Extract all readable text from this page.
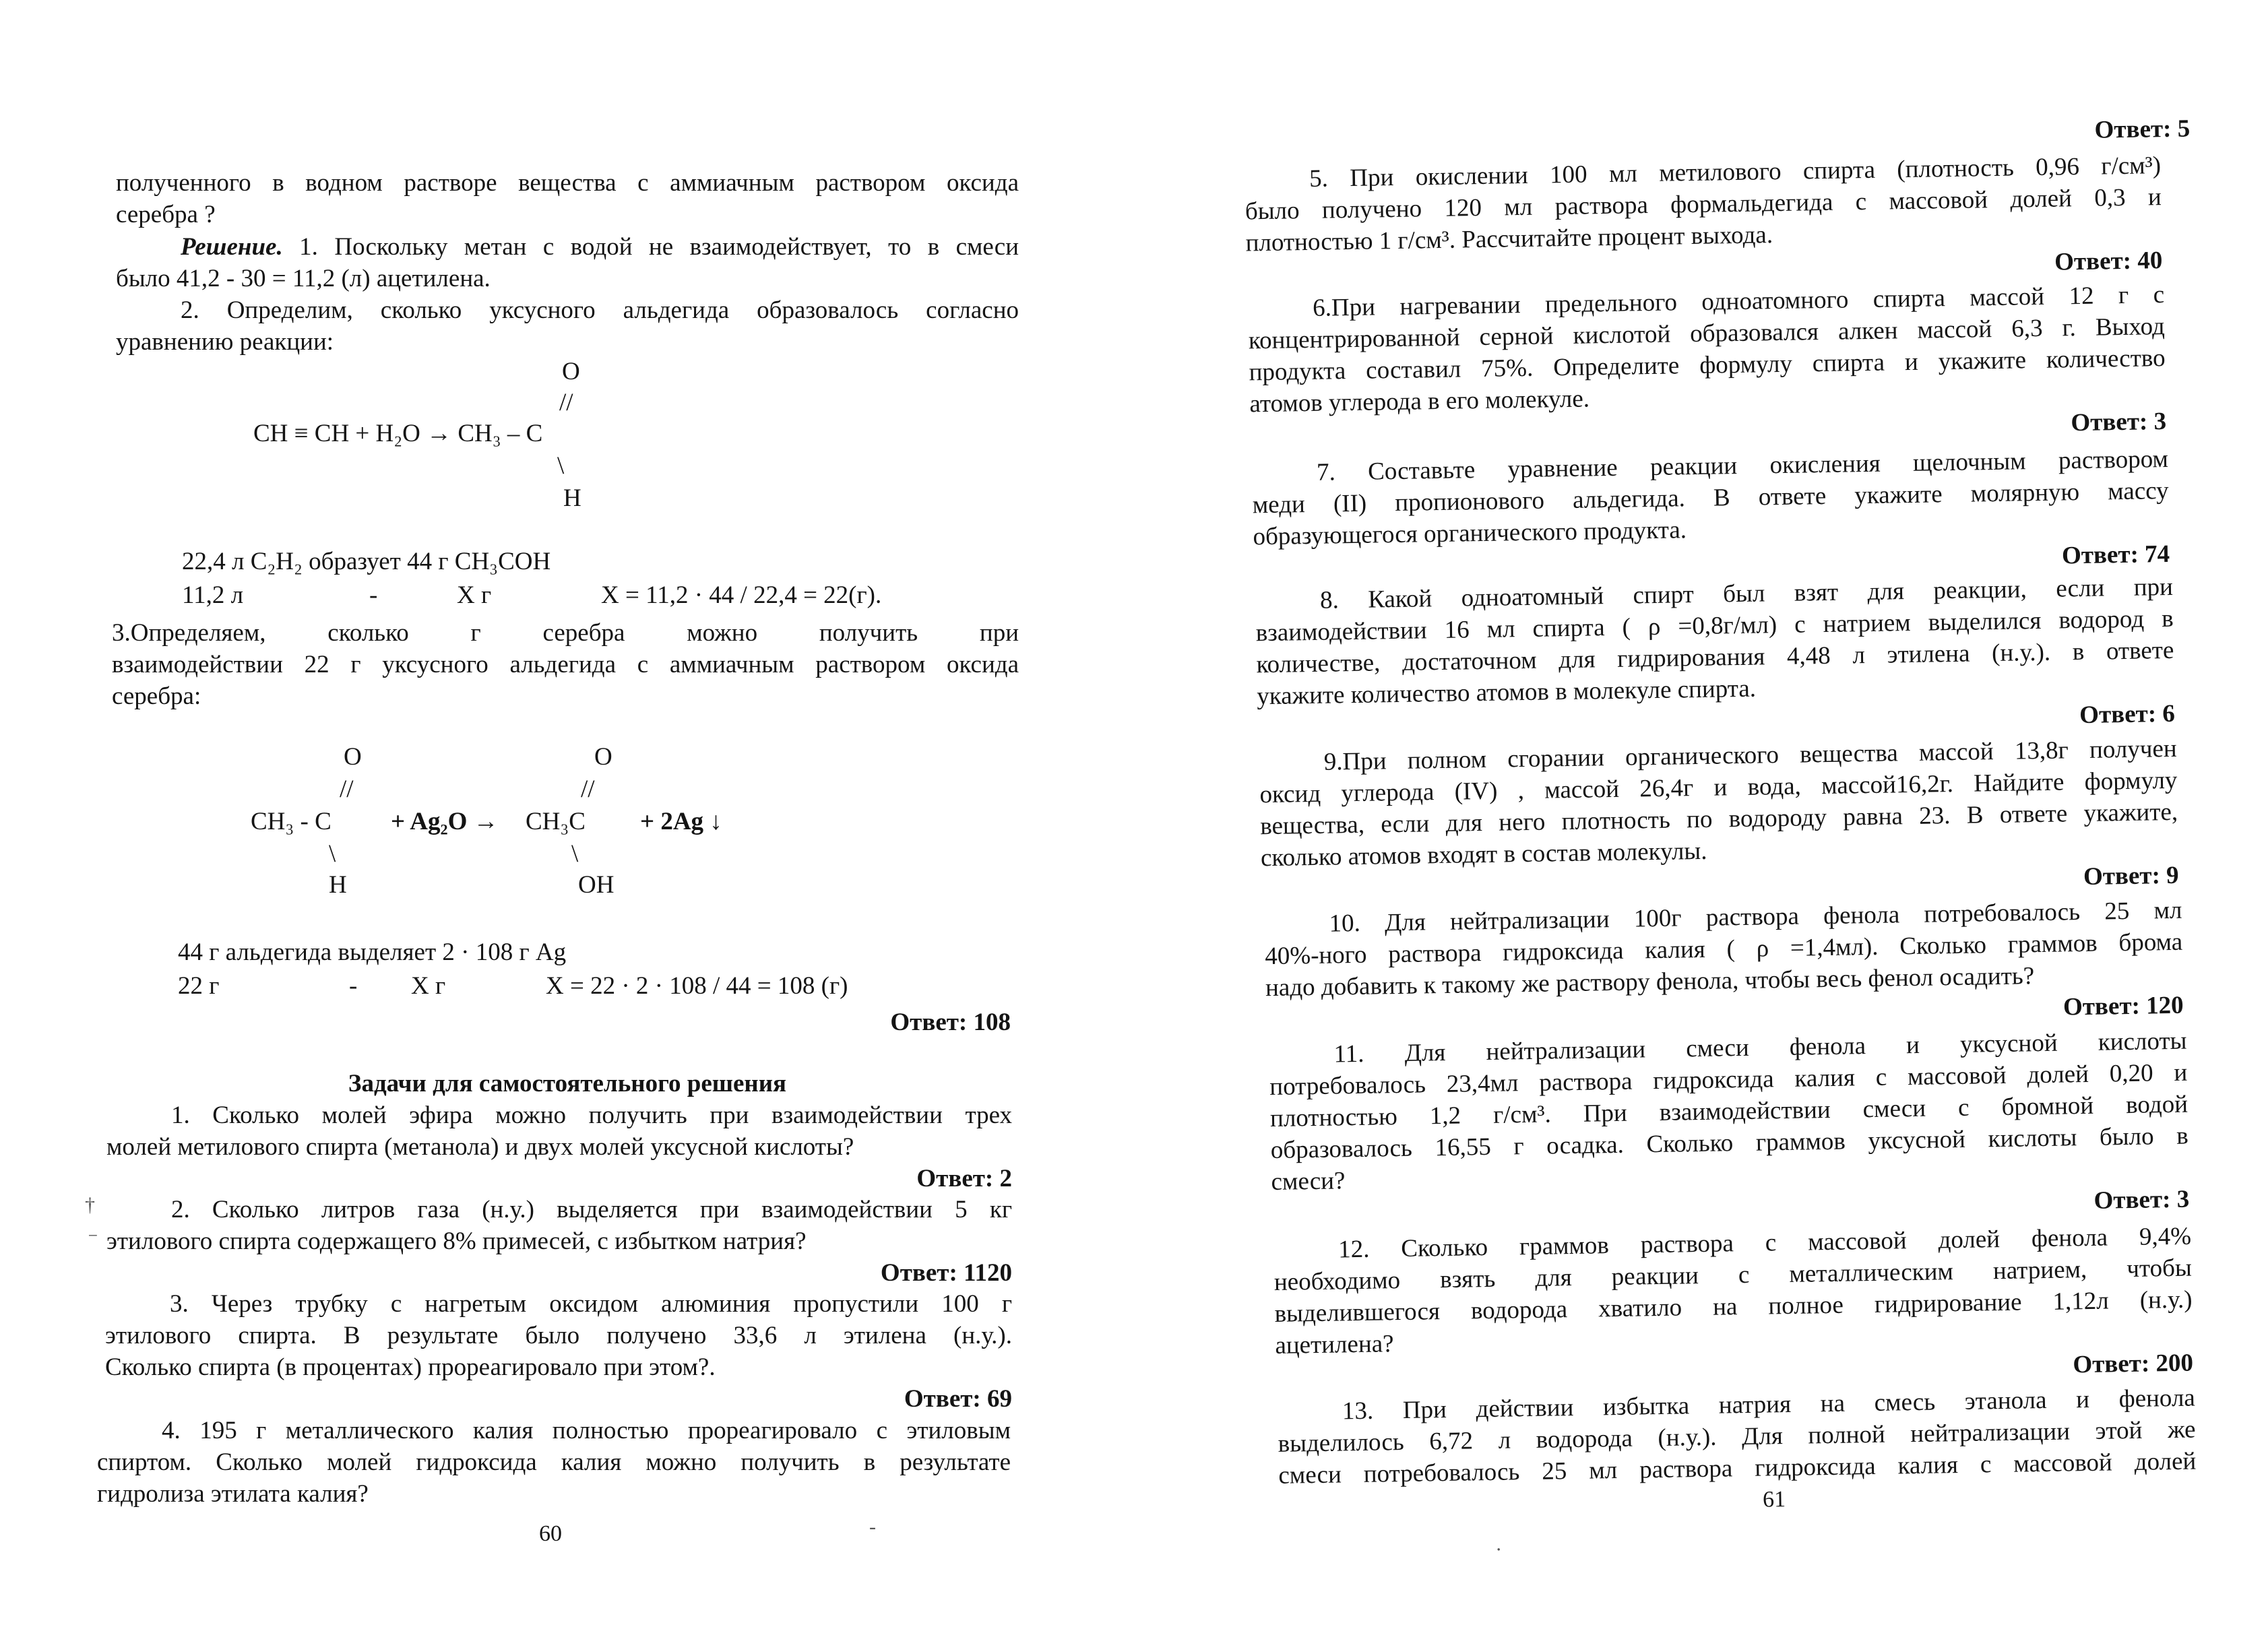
полученного в водном растворе вещества с аммиачным раствором оксида
серебра ?
Решение. 1. Поскольку метан с водой не взаимодействует, то в смеси
было 41,2 - 30 = 11,2 (л) ацетилена.
2. Определим, сколько уксусного альдегида образовалось согласно
уравнению реакции:
O
//
CH ≡ CH + H₂O → CH₃ – C
\
H
22,4 л C₂H₂ образует 44 г CH₃COH
11,2 л	-	X г	X = 11,2 · 44 / 22,4 = 22(г).
3.Определяем, сколько г серебра можно получить при
взаимодействии 22 г уксусного альдегида с аммиачным раствором оксида
серебра:
O	O
//	//
CH₃ - C + Ag₂O → CH₃C + 2Ag ↓
\	\
H	OH
44 г альдегида выделяет 2 · 108 г Ag
22 г	- X г	X = 22 · 2 · 108 / 44 = 108 (г)
Ответ: 108
Задачи для самостоятельного решения
1. Сколько молей эфира можно получить при взаимодействии трех
молей метилового спирта (метанола) и двух молей уксусной кислоты?
Ответ: 2
2. Сколько литров газа (н.у.) выделяется при взаимодействии 5 кг
этилового спирта содержащего 8% примесей, с избытком натрия?
Ответ: 1120
3. Через трубку с нагретым оксидом алюминия пропустили 100 г
этилового спирта. В результате было получено 33,6 л этилена (н.у.).
Сколько спирта (в процентах) прореагировало при этом?.
Ответ: 69
4. 195 г металлического калия полностью прореагировало с этиловым
спиртом. Сколько молей гидроксида калия можно получить в результате
гидролиза этилата калия?
60
†
⁻
‐
Ответ: 5
5. При окислении 100 мл метилового спирта (плотность 0,96 г/см³)
было получено 120 мл раствора формальдегида с массовой долей 0,3 и
плотностью 1 г/см³. Рассчитайте процент выхода.
Ответ: 40
6.При нагревании предельного одноатомного спирта массой 12 г с
концентрированной серной кислотой образовался алкен массой 6,3 г. Выход
продукта составил 75%. Определите формулу спирта и укажите количество
атомов углерода в его молекуле.
Ответ: 3
7. Составьте уравнение реакции окисления щелочным раствором
меди (II) пропионового альдегида. В ответе укажите молярную массу
образующегося органического продукта.
Ответ: 74
8. Какой одноатомный спирт был взят для реакции, если при
взаимодействии 16 мл спирта ( ρ =0,8г/мл) с натрием выделился водород в
количестве, достаточном для гидрирования 4,48 л этилена (н.у.). в ответе
укажите количество атомов в молекуле спирта.
Ответ: 6
9.При полном сгорании органического вещества массой 13,8г получен
оксид углерода (IV) , массой 26,4г и вода, массой16,2г. Найдите формулу
вещества, если для него плотность по водороду равна 23. В ответе укажите,
сколько атомов входят в состав молекулы.
Ответ: 9
10. Для нейтрализации 100г раствора фенола потребовалось 25 мл
40%-ного раствора гидроксида калия ( ρ =1,4мл). Сколько граммов брома
надо добавить к такому же раствору фенола, чтобы весь фенол осадить?
Ответ: 120
11. Для нейтрализации смеси фенола и уксусной кислоты
потребовалось 23,4мл раствора гидроксида калия с массовой долей 0,20 и
плотностью 1,2 г/см³. При взаимодействии смеси с бромной водой
образовалось 16,55 г осадка. Сколько граммов уксусной кислоты было в
смеси?
Ответ: 3
12. Сколько граммов раствора с массовой долей фенола 9,4%
необходимо взять для реакции с металлическим натрием, чтобы
выделившегося водорода хватило на полное гидрирование 1,12л (н.у.)
ацетилена?
Ответ: 200
13. При действии избытка натрия на смесь этанола и фенола
выделилось 6,72 л водорода (н.у.). Для полной нейтрализации этой же
смеси потребовалось 25 мл раствора гидроксида калия с массовой долей
61
·
